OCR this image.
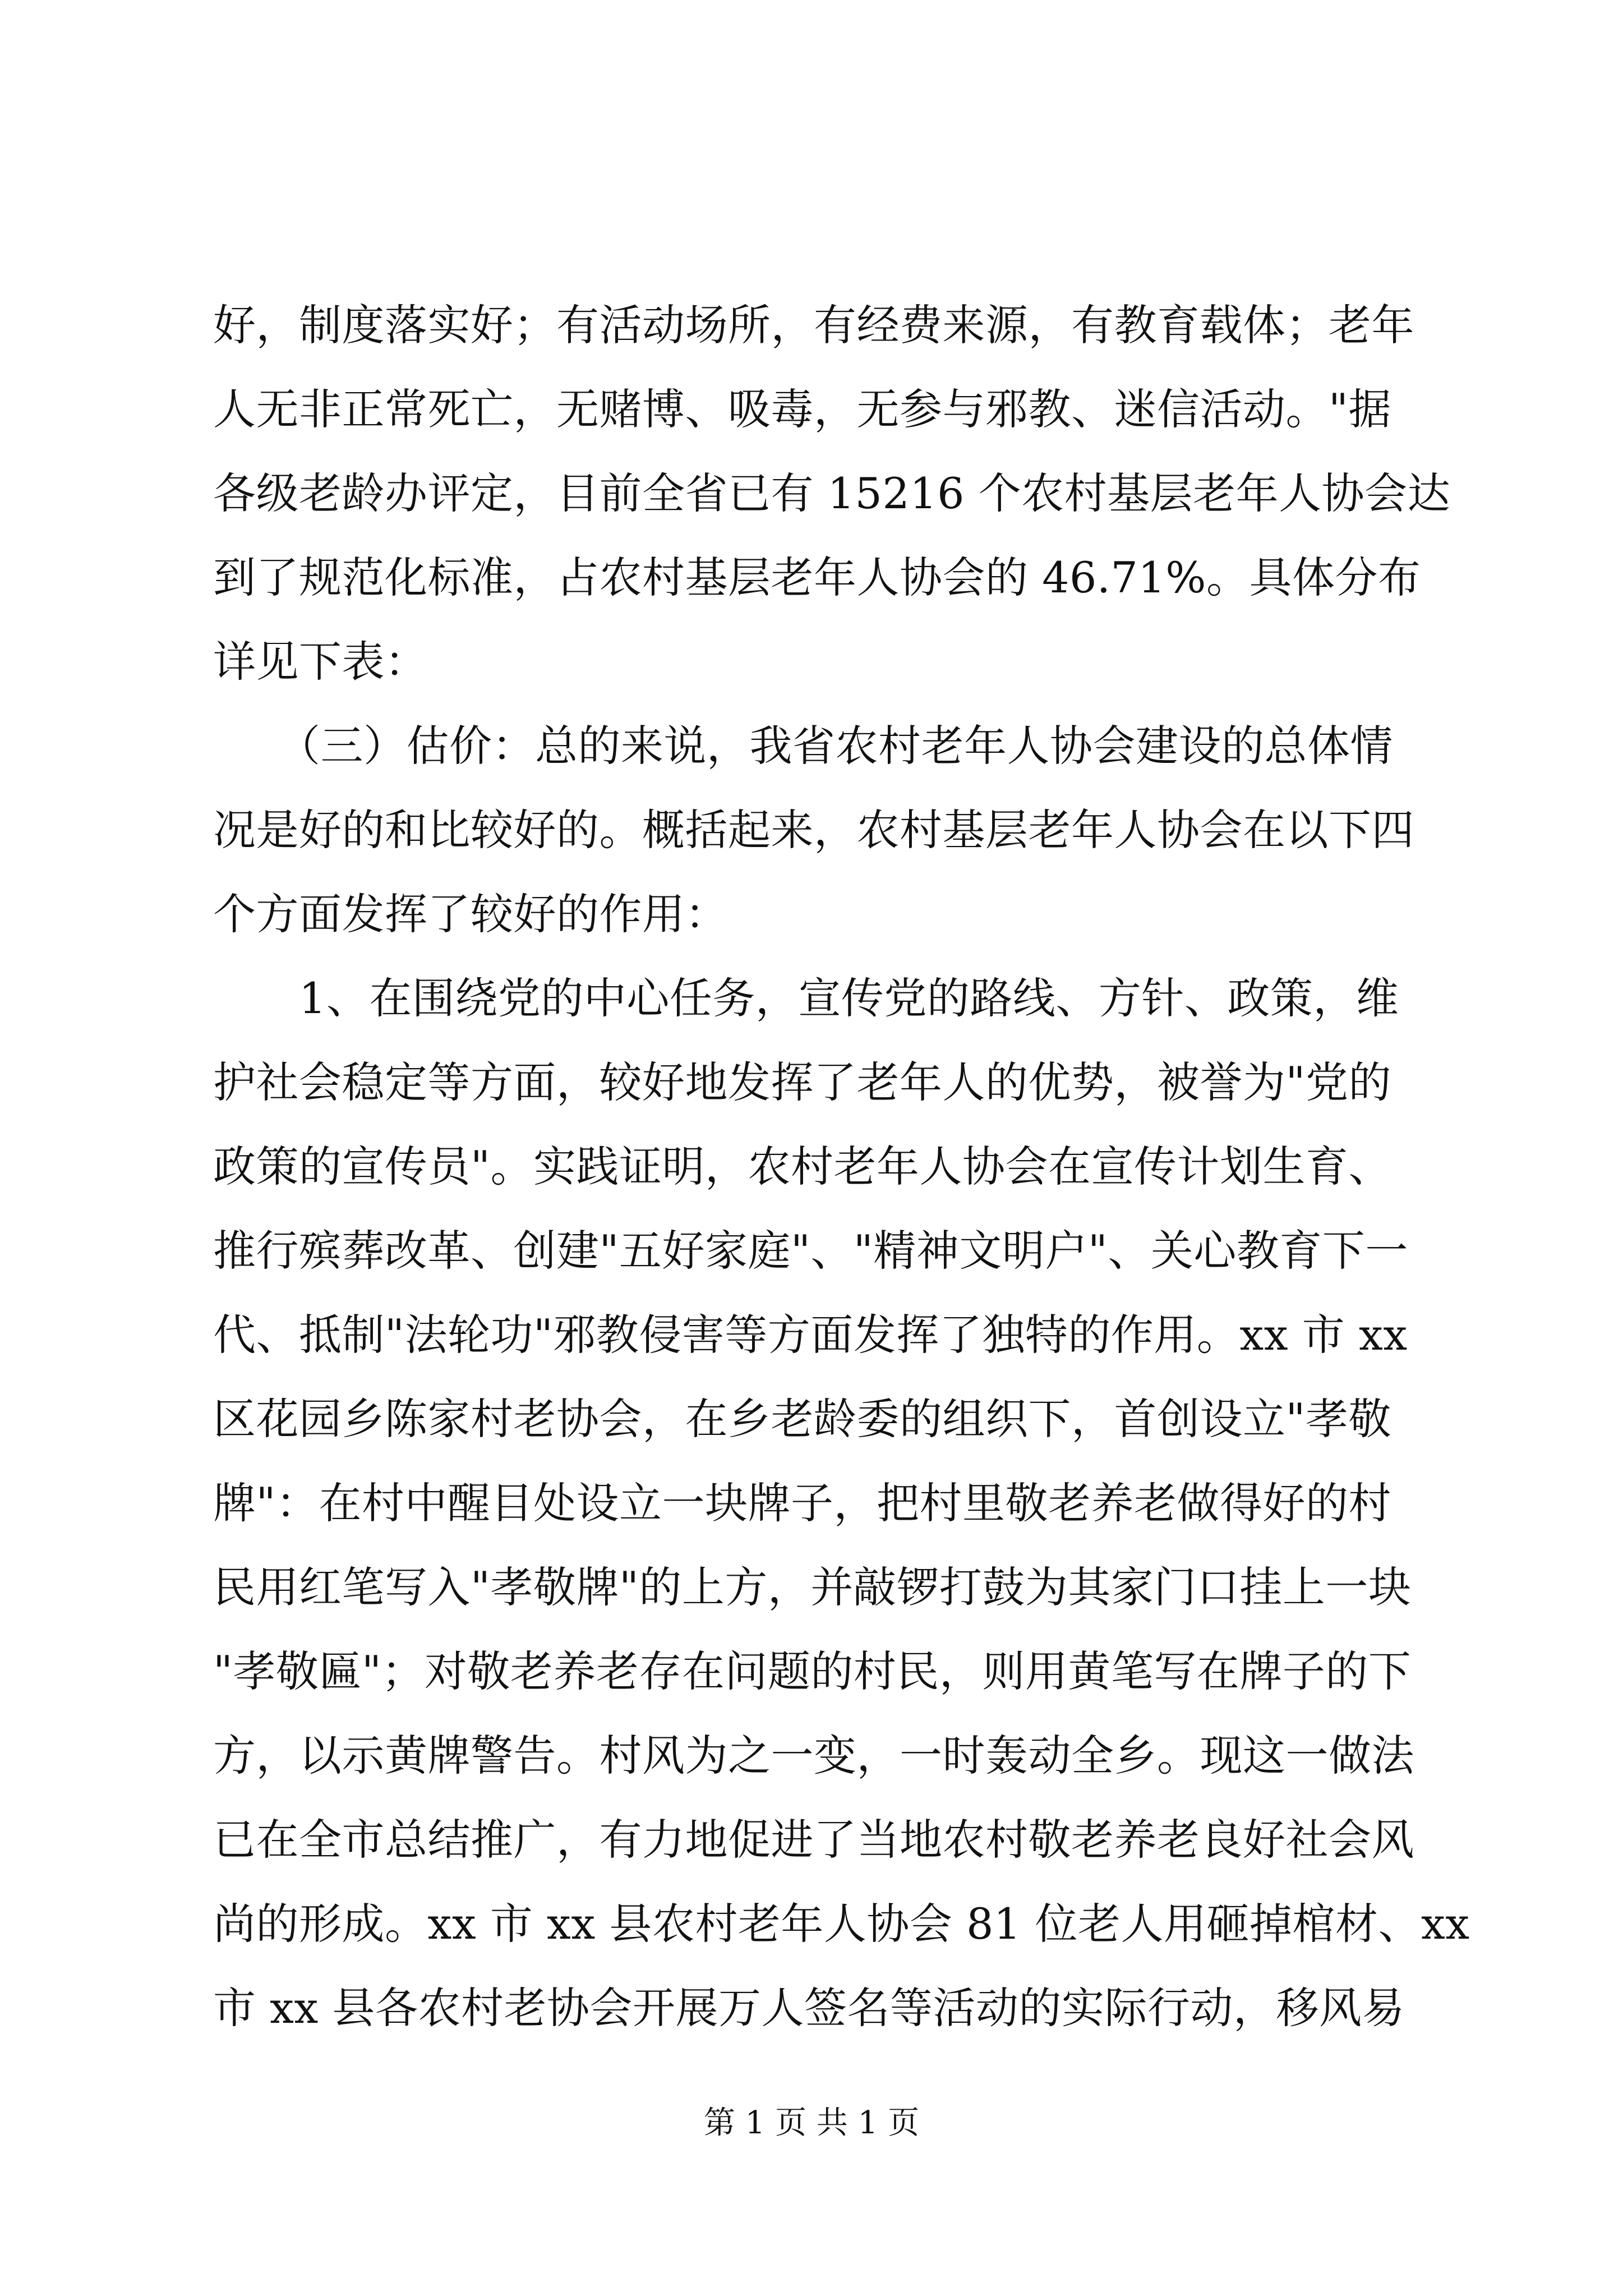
好，制度落实好；有活动场所，有经费来源，有教育载体；老年
人无非正常死亡，无赌博、吸毒，无参与邪教、迷信活动。"据
各级老龄办评定，目前全省已有 15216 个农村基层老年人协会达
到了规范化标准，占农村基层老年人协会的 46.71%。具体分布
详见下表：
　　（三）估价：总的来说，我省农村老年人协会建设的总体情
况是好的和比较好的。概括起来，农村基层老年人协会在以下四
个方面发挥了较好的作用：
　　1、在围绕党的中心任务，宣传党的路线、方针、政策，维
护社会稳定等方面，较好地发挥了老年人的优势，被誉为"党的
政策的宣传员"。实践证明，农村老年人协会在宣传计划生育、
推行殡葬改革、创建"五好家庭"、"精神文明户"、关心教育下一
代、抵制"法轮功"邪教侵害等方面发挥了独特的作用。xx 市 xx
区花园乡陈家村老协会，在乡老龄委的组织下，首创设立"孝敬
牌"：在村中醒目处设立一块牌子，把村里敬老养老做得好的村
民用红笔写入"孝敬牌"的上方，并敲锣打鼓为其家门口挂上一块
"孝敬匾"；对敬老养老存在问题的村民，则用黄笔写在牌子的下
方，以示黄牌警告。村风为之一变，一时轰动全乡。现这一做法
已在全市总结推广，有力地促进了当地农村敬老养老良好社会风
尚的形成。xx 市 xx 县农村老年人协会 81 位老人用砸掉棺材、xx
市 xx 县各农村老协会开展万人签名等活动的实际行动，移风易
第 1 页 共 1 页
